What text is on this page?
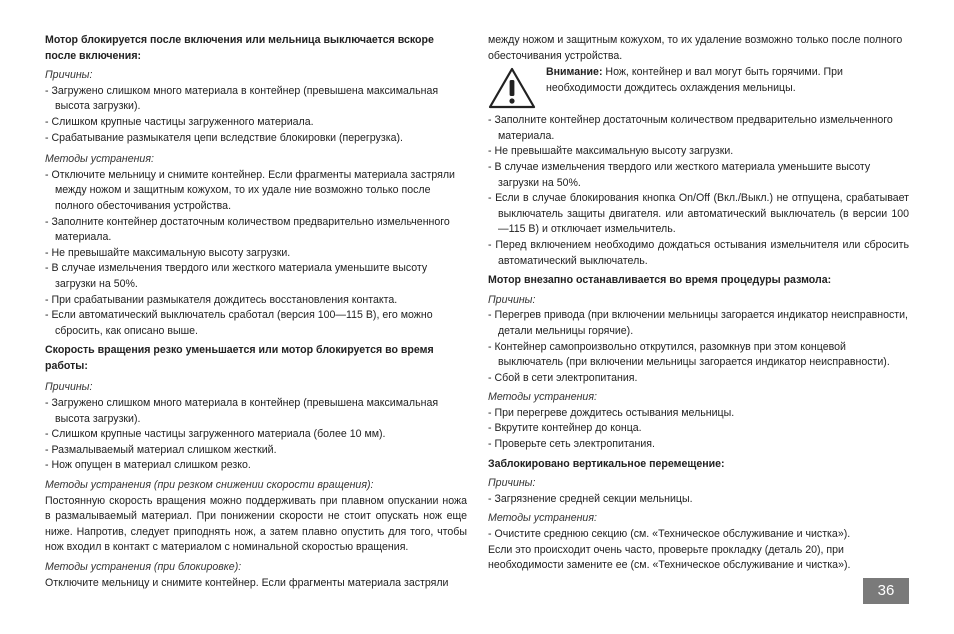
Мотор блокируется после включения или мельница выключается вскоре после включения:

Причины:

- Загружено слишком много материала в контейнер (превышена максимальная высота загрузки).

- Слишком крупные частицы загруженного материала.

- Срабатывание размыкателя цепи вследствие блокировки (перегрузка).

Методы устранения:

- Отключите мельницу и снимите контейнер. Если фрагменты материала застряли между ножом и защитным кожухом, то их удале ние возможно только после полного обесточивания устройства.

- Заполните контейнер достаточным количеством предварительно измельченного материала.

- Не превышайте максимальную высоту загрузки.

- В случае измельчения твердого или жесткого материала уменьшите высоту загрузки на 50%.

- При срабатывании размыкателя дождитесь восстановления контакта.

- Если автоматический выключатель сработал (версия 100—115 В), его можно сбросить, как описано выше.

Скорость вращения резко уменьшается или мотор блокируется во время работы:

Причины:

- Загружено слишком много материала в контейнер (превышена максимальная высота загрузки).

- Слишком крупные частицы загруженного материала (более 10 мм).

- Размалываемый материал слишком жесткий.

- Нож опущен в материал слишком резко.

Методы устранения (при резком снижении скорости вращения):

Постоянную скорость вращения можно поддерживать при плавном опускании ножа в размалываемый материал. При понижении скорости не стоит опускать нож еще ниже. Напротив, следует приподнять нож, а затем плавно опустить для того, чтобы нож входил в контакт с материалом с номинальной скоростью вращения.

Методы устранения (при блокировке):

Отключите мельницу и снимите контейнер. Если фрагменты материала застряли

между ножом и защитным кожухом, то их удаление возможно только после полного обесточивания устройства.

Внимание: Нож, контейнер и вал могут быть горячими. При необходимости дождитесь охлаждения мельницы.

- Заполните контейнер достаточным количеством предварительно измельченного материала.

- Не превышайте максимальную высоту загрузки.

- В случае измельчения твердого или жесткого материала уменьшите высоту загрузки на 50%.

- Если в случае блокирования кнопка On/Off (Вкл./Выкл.) не отпущена, срабатывает выключатель защиты двигателя. или автоматический выключатель (в версии 100—115 В) и отключает измельчитель.

- Перед включением необходимо дождаться остывания измельчителя или сбросить автоматический выключатель.

Мотор внезапно останавливается во время процедуры размола:

Причины:

- Перегрев привода (при включении мельницы загорается индикатор неисправности, детали мельницы горячие).

- Контейнер самопроизвольно открутился, разомкнув при этом концевой выключатель (при включении мельницы загорается индикатор неисправности).

- Сбой в сети электропитания.

Методы устранения:

- При перегреве дождитесь остывания мельницы.

- Вкрутите контейнер до конца.

- Проверьте сеть электропитания.

Заблокировано вертикальное перемещение:

Причины:

- Загрязнение средней секции мельницы.

Методы устранения:

- Очистите среднюю секцию (см. «Техническое обслуживание и чистка»).

Если это происходит очень часто, проверьте прокладку (деталь 20), при необходимости замените ее (см. «Техническое обслуживание и чистка»).

36
